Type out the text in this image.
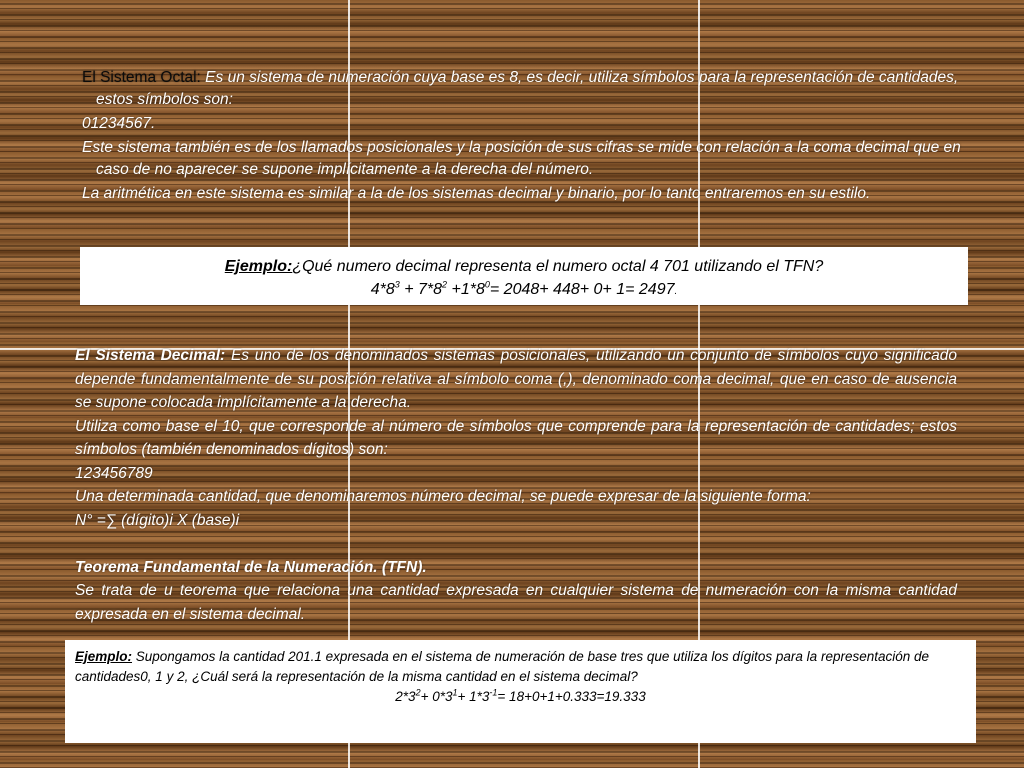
El Sistema Octal: Es un sistema de numeración cuya base es 8, es decir, utiliza símbolos para la representación de cantidades, estos símbolos son:

01234567.

Este sistema también es de los llamados posicionales y la posición de sus cifras se mide con relación a la coma decimal que en caso de no aparecer se supone implícitamente a la derecha del número.

La aritmética en este sistema es similar a la de los sistemas decimal y binario, por lo tanto entraremos en su estilo.

Ejemplo:¿Qué numero decimal representa el numero octal 4 701 utilizando el TFN?
$4*8^3 + 7*8^2 +1*8^0= 2048+ 448+ 0+ 1= 2497$.

El Sistema Decimal: Es uno de los denominados sistemas posicionales, utilizando un conjunto de símbolos cuyo significado depende fundamentalmente de su posición relativa al símbolo coma (,), denominado coma decimal, que en caso de ausencia se supone colocada implícitamente a la derecha.

Utiliza como base el 10, que corresponde al número de símbolos que comprende para la representación de cantidades; estos símbolos (también denominados dígitos) son:

123456789

Una determinada cantidad, que denominaremos número decimal, se puede expresar de la siguiente forma:

N° =∑ (dígito)i X (base)i

Teorema Fundamental de la Numeración. (TFN).

Se trata de u teorema que relaciona una cantidad expresada en cualquier sistema de numeración con la misma cantidad expresada en el sistema decimal.

Ejemplo: Supongamos la cantidad 201.1 expresada en el sistema de numeración de base tres que utiliza los dígitos para la representación de cantidades0, 1 y 2, ¿Cuál será la representación de la misma cantidad en el sistema decimal?
$2*3^2+ 0*3^1+ 1*3^{-1}= 18+0+1+0.333=19.333$
